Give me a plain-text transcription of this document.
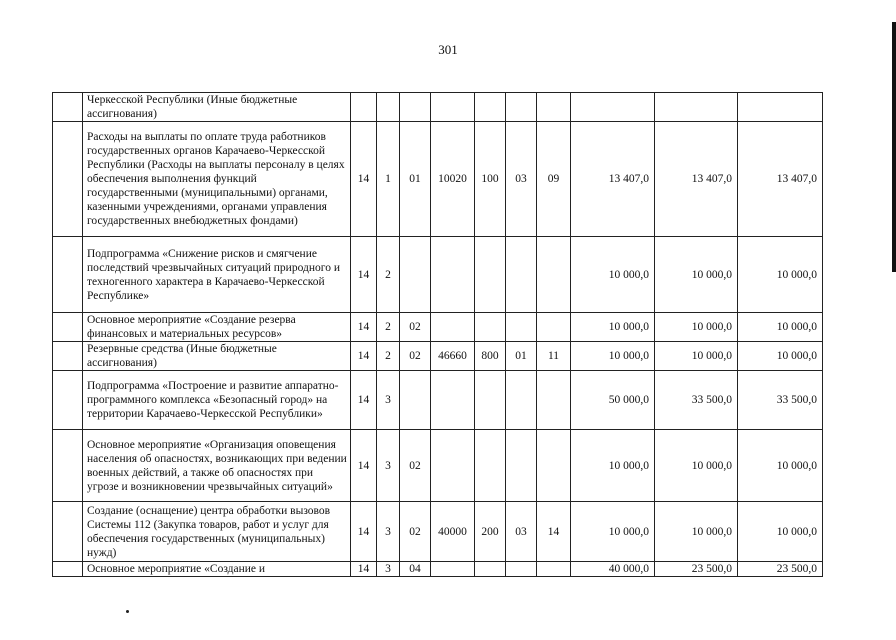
301
	Черкесской Республики (Иные бюджетные ассигнования)										
	Расходы на выплаты по оплате труда работников государственных органов Карачаево-Черкесской Республики (Расходы на выплаты персоналу в целях обеспечения выполнения функций государственными (муниципальными) органами, казенными учреждениями, органами управления государственных внебюджетных фондами)	14	1	01	10020	100	03	09	13 407,0	13 407,0	13 407,0
	Подпрограмма «Снижение рисков и смягчение последствий чрезвычайных ситуаций природного и техногенного характера в Карачаево-Черкесской Республике»	14	2						10 000,0	10 000,0	10 000,0
	Основное мероприятие «Создание резерва финансовых и материальных ресурсов»	14	2	02					10 000,0	10 000,0	10 000,0
	Резервные средства (Иные бюджетные ассигнования)	14	2	02	46660	800	01	11	10 000,0	10 000,0	10 000,0
	Подпрограмма «Построение и развитие аппаратно-программного комплекса «Безопасный город» на территории Карачаево-Черкесской Республики»	14	3						50 000,0	33 500,0	33 500,0
	Основное мероприятие «Организация оповещения населения об опасностях, возникающих при ведении военных действий, а также об опасностях при угрозе и возникновении чрезвычайных ситуаций»	14	3	02					10 000,0	10 000,0	10 000,0
	Создание (оснащение) центра обработки вызовов Системы 112 (Закупка товаров, работ и услуг для обеспечения государственных (муниципальных) нужд)	14	3	02	40000	200	03	14	10 000,0	10 000,0	10 000,0
	Основное мероприятие «Создание и	14	3	04					40 000,0	23 500,0	23 500,0
